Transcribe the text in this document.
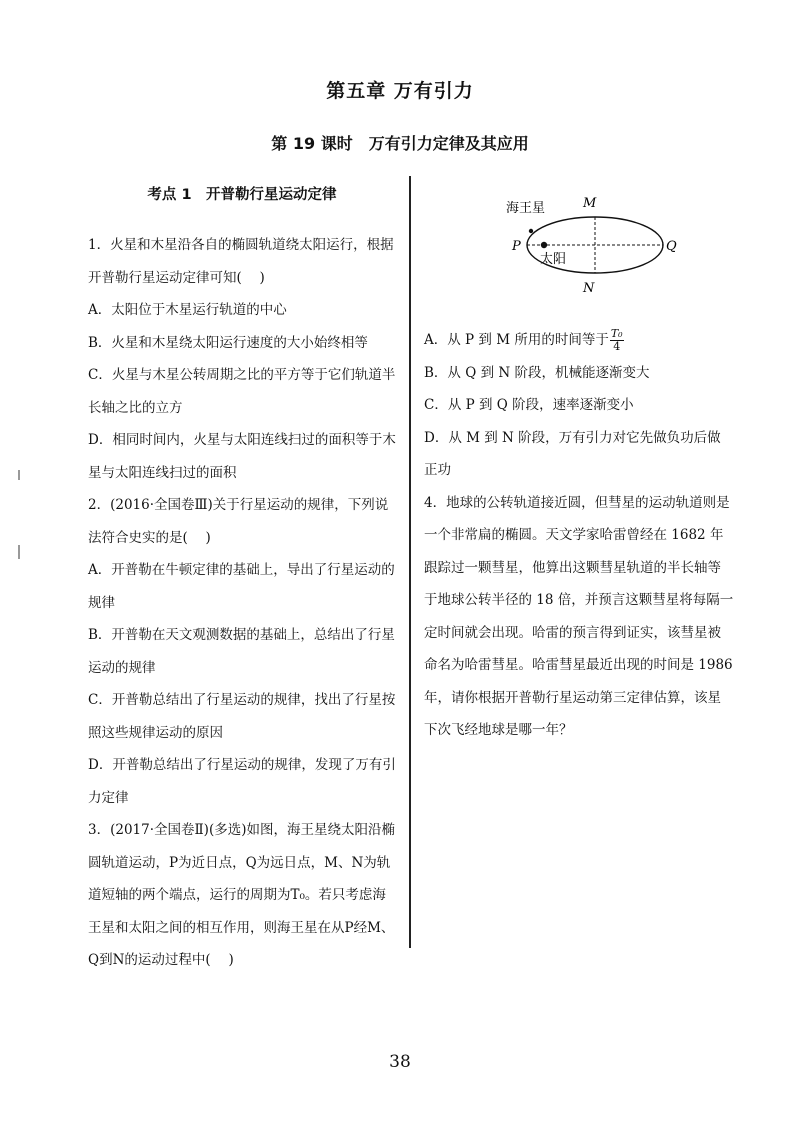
第五章 万有引力
第 19 课时　万有引力定律及其应用
考点 1　开普勒行星运动定律

1．火星和木星沿各自的椭圆轨道绕太阳运行，根据开普勒行星运动定律可知(　 )

A．太阳位于木星运行轨道的中心

B．火星和木星绕太阳运行速度的大小始终相等

C．火星与木星公转周期之比的平方等于它们轨道半长轴之比的立方

D．相同时间内，火星与太阳连线扫过的面积等于木星与太阳连线扫过的面积

2．(2016·全国卷Ⅲ)关于行星运动的规律，下列说法符合史实的是(　 )

A．开普勒在牛顿定律的基础上，导出了行星运动的规律

B．开普勒在天文观测数据的基础上，总结出了行星运动的规律

C．开普勒总结出了行星运动的规律，找出了行星按照这些规律运动的原因

D．开普勒总结出了行星运动的规律，发现了万有引力定律

3．(2017·全国卷Ⅱ)(多选)如图，海王星绕太阳沿椭圆轨道运动，P为近日点，Q为远日点，M、N为轨道短轴的两个端点，运行的周期为T₀。若只考虑海王星和太阳之间的相互作用，则海王星在从P经M、Q到N的运动过程中(　 )

海王星
太阳
M
N
P	Q

A．从 P 到 M 所用的时间等于 $\frac{\text{T₀}}{4}$

B．从 Q 到 N 阶段，机械能逐渐变大

C．从 P 到 Q 阶段，速率逐渐变小

D．从 M 到 N 阶段，万有引力对它先做负功后做正功

4．地球的公转轨道接近圆，但彗星的运动轨道则是一个非常扁的椭圆。天文学家哈雷曾经在 1682 年跟踪过一颗彗星，他算出这颗彗星轨道的半长轴等于地球公转半径的 18 倍，并预言这颗彗星将每隔一定时间就会出现。哈雷的预言得到证实，该彗星被命名为哈雷彗星。哈雷彗星最近出现的时间是 1986 年，请你根据开普勒行星运动第三定律估算，该星下次飞经地球是哪一年？

38
